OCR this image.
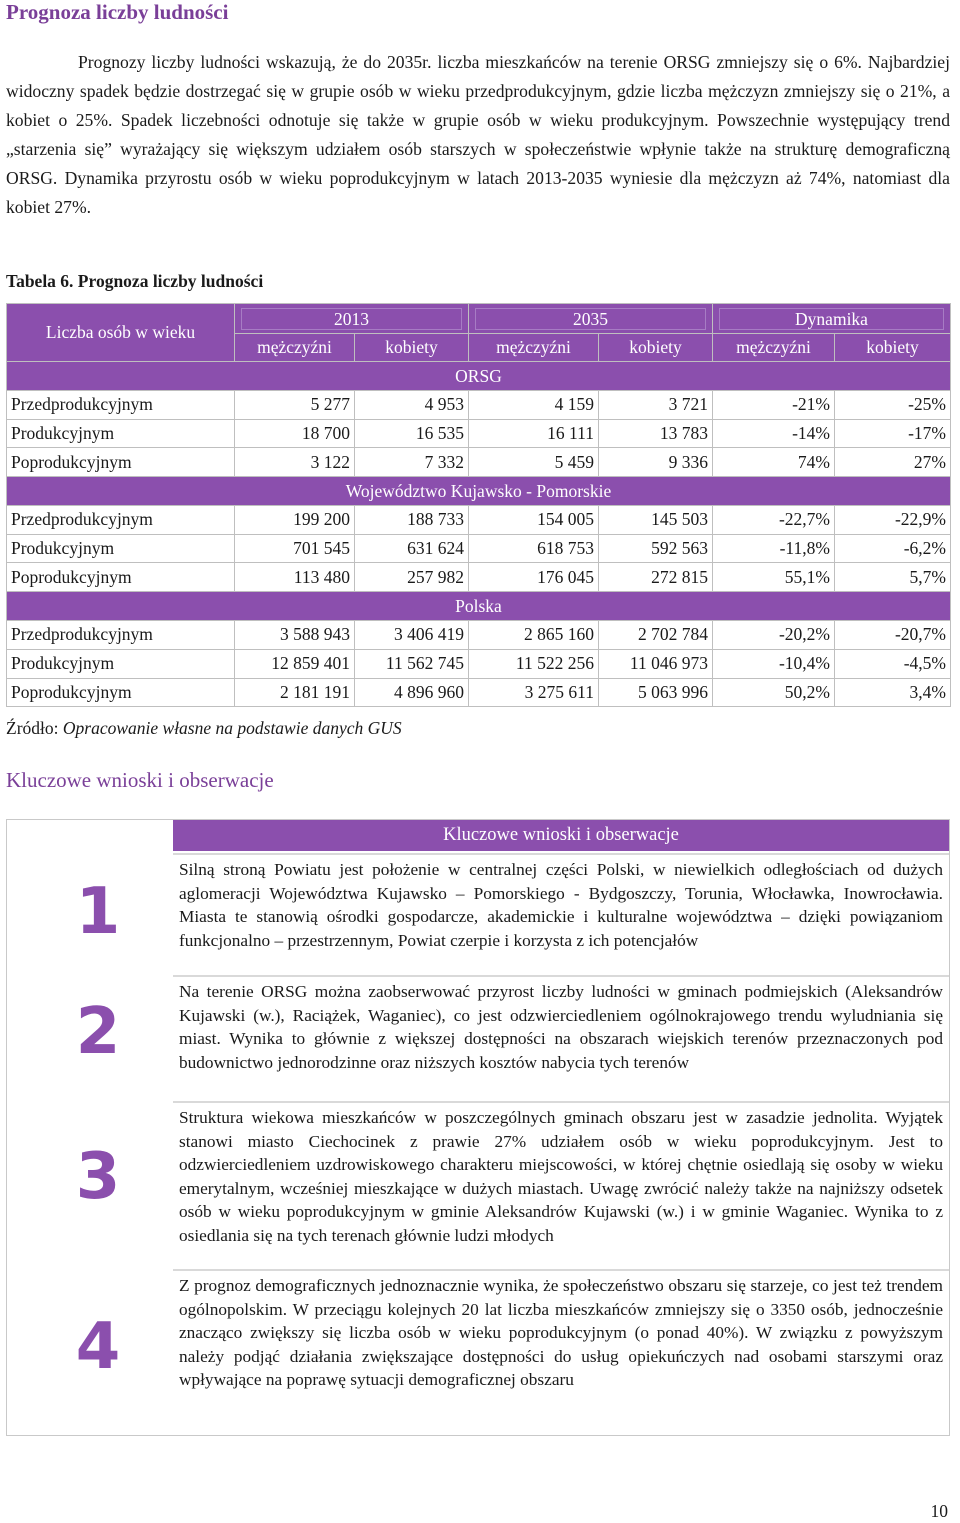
Prognoza liczby ludności

Prognozy liczby ludności wskazują, że do 2035r. liczba mieszkańców na terenie ORSG zmniejszy się o 6%. Najbardziej widoczny spadek będzie dostrzegać się w grupie osób w wieku przedprodukcyjnym, gdzie liczba mężczyzn zmniejszy się o 21%, a kobiet o 25%. Spadek liczebności odnotuje się także w grupie osób w wieku produkcyjnym. Powszechnie występujący trend „starzenia się” wyrażający się większym udziałem osób starszych w społeczeństwie wpłynie także na strukturę demograficzną ORSG. Dynamika przyrostu osób w wieku poprodukcyjnym w latach 2013-2035 wyniesie dla mężczyzn aż 74%, natomiast dla kobiet 27%.

Tabela 6. Prognoza liczby ludności
Liczba osób w wieku	2013		2035		Dynamika	

	mężczyźni	kobiety	mężczyźni	kobiety	mężczyźni	kobiety
ORSG						
Przedprodukcyjnym	5 277	4 953	4 159	3 721	-21%	-25%
Produkcyjnym	18 700	16 535	16 111	13 783	-14%	-17%
Poprodukcyjnym	3 122	7 332	5 459	9 336	74%	27%
Województwo Kujawsko - Pomorskie						
Przedprodukcyjnym	199 200	188 733	154 005	145 503	-22,7%	-22,9%
Produkcyjnym	701 545	631 624	618 753	592 563	-11,8%	-6,2%
Poprodukcyjnym	113 480	257 982	176 045	272 815	55,1%	5,7%
Polska						
Przedprodukcyjnym	3 588 943	3 406 419	2 865 160	2 702 784	-20,2%	-20,7%
Produkcyjnym	12 859 401	11 562 745	11 522 256	11 046 973	-10,4%	-4,5%
Poprodukcyjnym	2 181 191	4 896 960	3 275 611	5 063 996	50,2%	3,4%
Źródło: Opracowanie własne na podstawie danych GUS
Kluczowe wnioski i obserwacje
1
2
3
4
Kluczowe wnioski i obserwacje
Silną stroną Powiatu jest położenie w centralnej części Polski, w niewielkich odległościach od dużych aglomeracji Województwa Kujawsko – Pomorskiego - Bydgoszczy, Torunia, Włocławka, Inowrocławia. Miasta te stanowią ośrodki gospodarcze, akademickie i kulturalne województwa – dzięki powiązaniom funkcjonalno – przestrzennym, Powiat czerpie i korzysta z ich potencjałów
Na terenie ORSG można zaobserwować przyrost liczby ludności w gminach podmiejskich (Aleksandrów Kujawski (w.), Raciążek, Waganiec), co jest odzwierciedleniem ogólnokrajowego trendu wyludniania się miast. Wynika to głównie z większej dostępności na obszarach wiejskich terenów przeznaczonych pod budownictwo jednorodzinne oraz niższych kosztów nabycia tych terenów
Struktura wiekowa mieszkańców w poszczególnych gminach obszaru jest w zasadzie jednolita. Wyjątek stanowi miasto Ciechocinek z prawie 27% udziałem osób w wieku poprodukcyjnym. Jest to odzwierciedleniem uzdrowiskowego charakteru miejscowości, w której chętnie osiedlają się osoby w wieku emerytalnym, wcześniej mieszkające w dużych miastach. Uwagę zwrócić należy także na najniższy odsetek osób w wieku poprodukcyjnym w gminie Aleksandrów Kujawski (w.) i w gminie Waganiec. Wynika to z osiedlania się na tych terenach głównie ludzi młodych
Z prognoz demograficznych jednoznacznie wynika, że społeczeństwo obszaru się starzeje, co jest też trendem ogólnopolskim. W przeciągu kolejnych 20 lat liczba mieszkańców zmniejszy się o 3350 osób, jednocześnie znacząco zwiększy się liczba osób w wieku poprodukcyjnym (o ponad 40%). W związku z powyższym należy podjąć działania zwiększające dostępności do usług opiekuńczych nad osobami starszymi oraz wpływające na poprawę sytuacji demograficznej obszaru
10
